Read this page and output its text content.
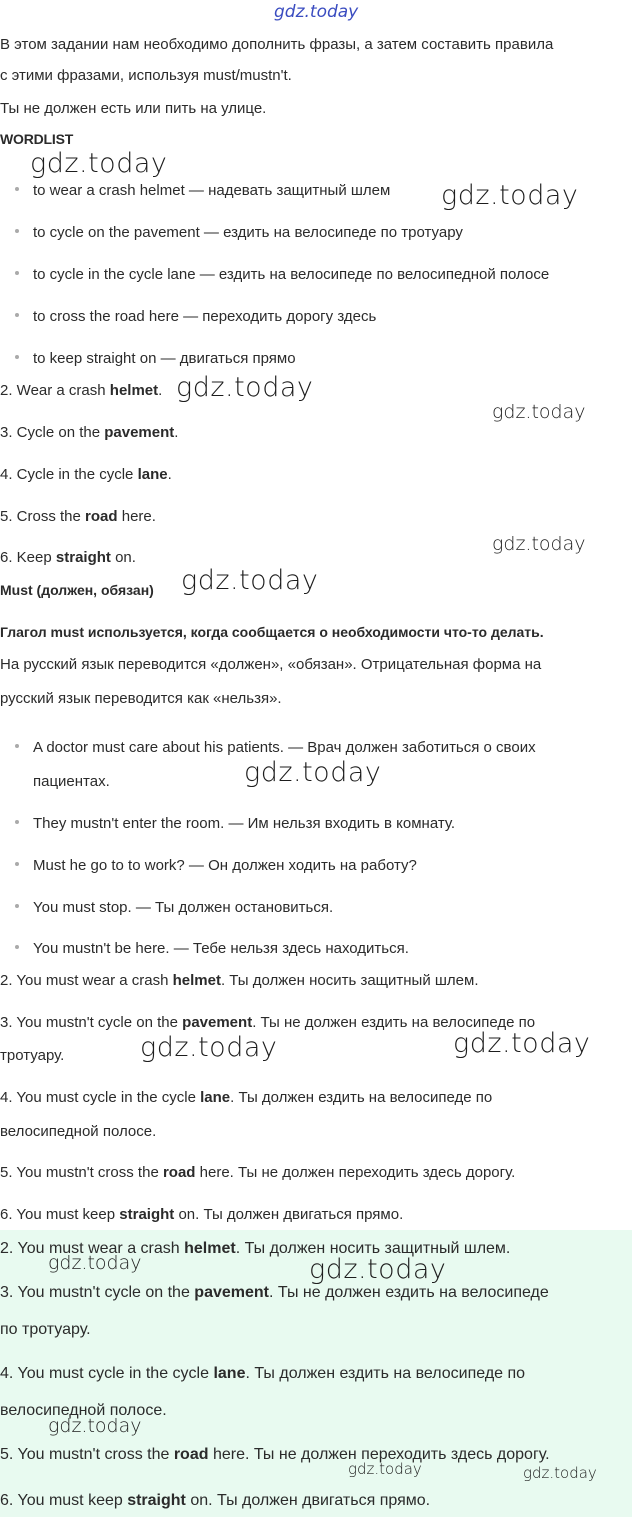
gdz.today
В этом задании нам необходимо дополнить фразы, а затем составить правила
с этими фразами, используя must/mustn't.
Ты не должен есть или пить на улице.
WORDLIST
gdz.today
gdz.today
to wear a crash helmet — надевать защитный шлем
to cycle on the pavement — ездить на велосипеде по тротуару
to cycle in the cycle lane — ездить на велосипеде по велосипедной полосе
to cross the road here — переходить дорогу здесь
to keep straight on — двигаться прямо
2. Wear a crash helmet. gdz.today
gdz.today
3. Cycle on the pavement.
4. Cycle in the cycle lane.
5. Cross the road here.
gdz.today
6. Keep straight on.
Must (должен, обязан)	gdz.today
Глагол must используется, когда сообщается о необходимости что-то делать.
На русский язык переводится «должен», «обязан». Отрицательная форма на
русский язык переводится как «нельзя».
A doctor must care about his patients. — Врач должен заботиться о своих
пациентах.	gdz.today
They mustn't enter the room. — Им нельзя входить в комнату.
Must he go to to work? — Он должен ходить на работу?
You must stop. — Ты должен остановиться.
You mustn't be here. — Тебе нельзя здесь находиться.
2. You must wear a crash helmet. Ты должен носить защитный шлем.
3. You mustn't cycle on the pavement. Ты не должен ездить на велосипеде по
тротуару.	gdz.today	gdz.today
4. You must cycle in the cycle lane. Ты должен ездить на велосипеде по
велосипедной полосе.
5. You mustn't cross the road here. Ты не должен переходить здесь дорогу.
6. You must keep straight on. Ты должен двигаться прямо.
2. You must wear a crash helmet. Ты должен носить защитный шлем.
3. You mustn't cycle on the pavement. Ты не должен ездить на велосипеде
по тротуару.
4. You must cycle in the cycle lane. Ты должен ездить на велосипеде по
велосипедной полосе.
5. You mustn't cross the road here. Ты не должен переходить здесь дорогу.
6. You must keep straight on. Ты должен двигаться прямо.
gdz.today	gdz.today
gdz.today
gdz.today	gdz.today
